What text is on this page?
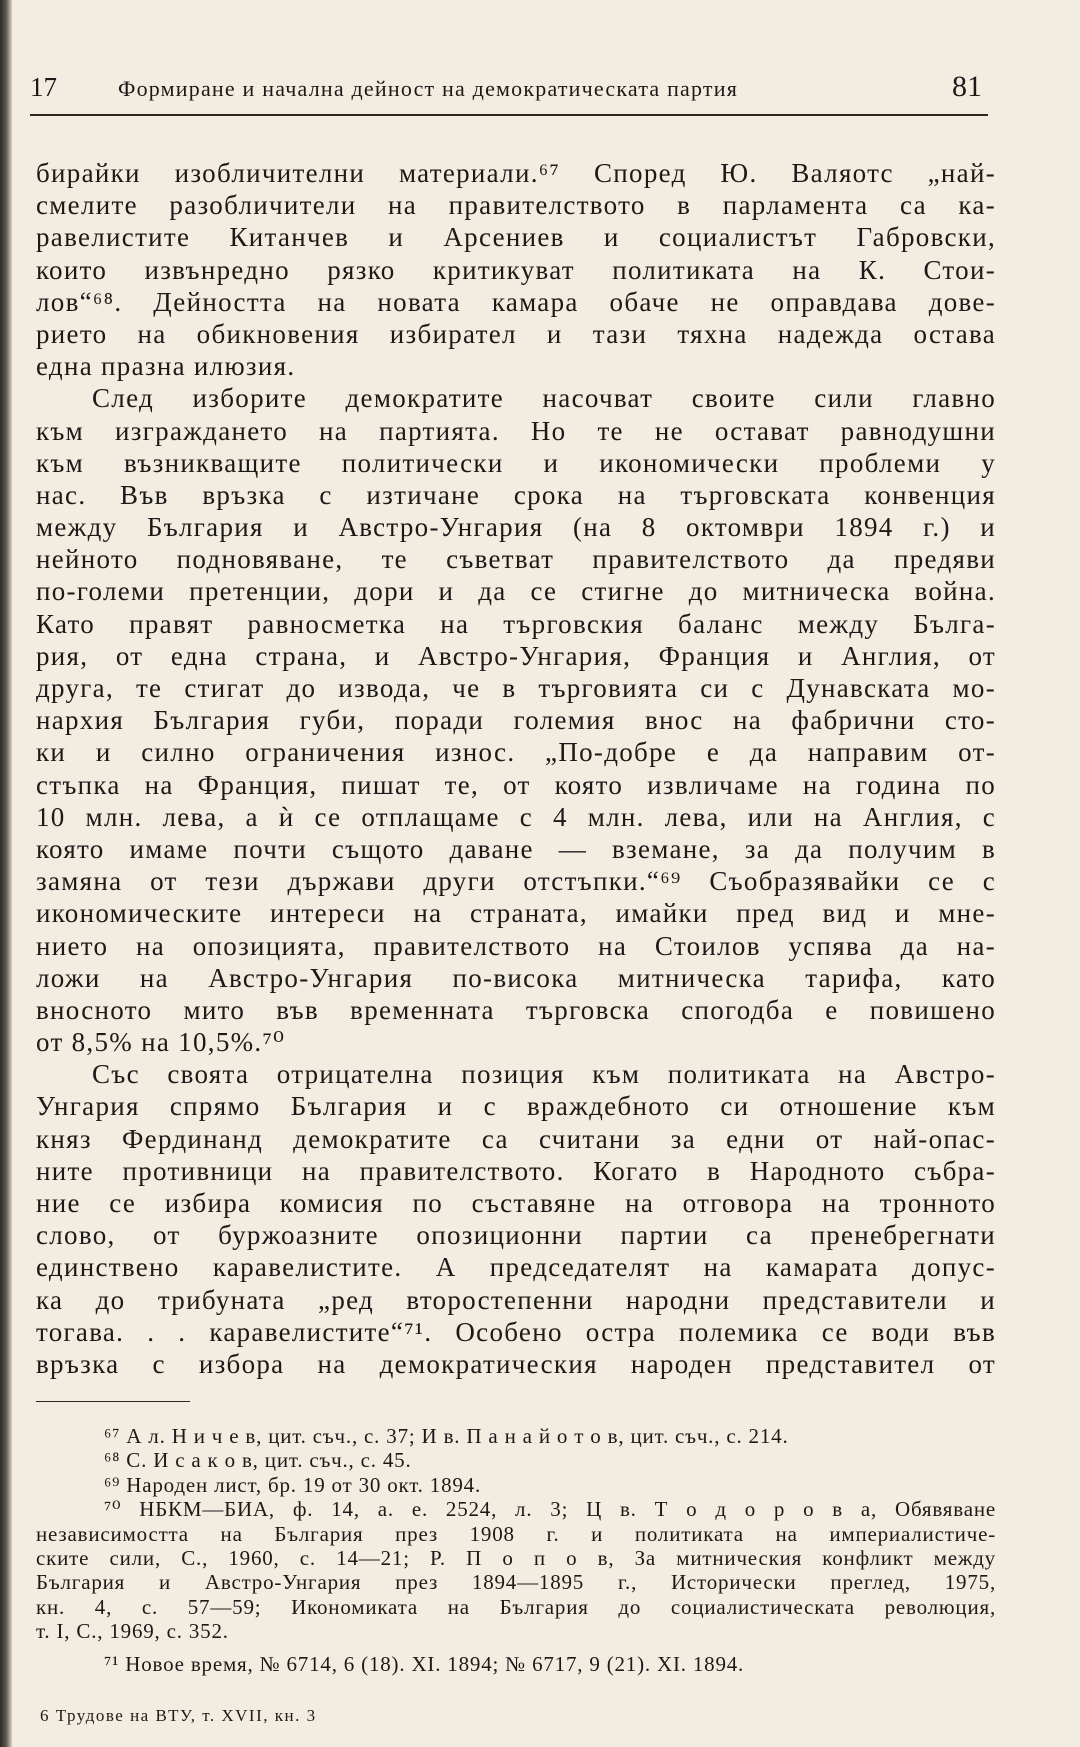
17	Формиране и начална дейност на демократическата партия	81
бирайки изобличителни материали.⁶⁷ Според Ю. Валяотс „най-
смелите разобличители на правителството в парламента са ка-
равелистите Китанчев и Арсениев и социалистът Габровски,
които извънредно рязко критикуват политиката на К. Стои-
лов“⁶⁸. Дейността на новата камара обаче не оправдава дове-
рието на обикновения избирател и тази тяхна надежда остава
една празна илюзия.
След изборите демократите насочват своите сили главно
към изграждането на партията. Но те не остават равнодушни
към възникващите политически и икономически проблеми у
нас. Във връзка с изтичане срока на търговската конвенция
между България и Австро-Унгария (на 8 октомври 1894 г.) и
нейното подновяване, те съветват правителството да предяви
по-големи претенции, дори и да се стигне до митническа война.
Като правят равносметка на търговския баланс между Бълга-
рия, от една страна, и Австро-Унгария, Франция и Англия, от
друга, те стигат до извода, че в търговията си с Дунавската мо-
нархия България губи, поради големия внос на фабрични сто-
ки и силно ограничения износ. „По-добре е да направим от-
стъпка на Франция, пишат те, от която извличаме на година по
10 млн. лева, а ѝ се отплащаме с 4 млн. лева, или на Англия, с
която имаме почти същото даване — вземане, за да получим в
замяна от тези държави други отстъпки.“⁶⁹ Съобразявайки се с
икономическите интереси на страната, имайки пред вид и мне-
нието на опозицията, правителството на Стоилов успява да на-
ложи на Австро-Унгария по-висока митническа тарифа, като
вносното мито във временната търговска спогодба е повишено
от 8,5% на 10,5%.⁷⁰
Със своята отрицателна позиция към политиката на Австро-
Унгария спрямо България и с враждебното си отношение към
княз Фердинанд демократите са считани за едни от най-опас-
ните противници на правителството. Когато в Народното събра-
ние се избира комисия по съставяне на отговора на тронното
слово, от буржоазните опозиционни партии са пренебрегнати
единствено каравелистите. А председателят на камарата допус-
ка до трибуната „ред второстепенни народни представители и
тогава. . . каравелистите“⁷¹. Особено остра полемика се води във
връзка с избора на демократическия народен представител от
⁶⁷ А л. Н и ч е в, цит. съч., с. 37; И в. П а н а й о т о в, цит. съч., с. 214.
⁶⁸ С. И с а к о в, цит. съч., с. 45.
⁶⁹ Народен лист, бр. 19 от 30 окт. 1894.
⁷⁰ НБКМ—БИА, ф. 14, а. е. 2524, л. 3; Ц в. Т о д о р о в а, Обявяване
независимостта на България през 1908 г. и политиката на империалистиче-
ските сили, С., 1960, с. 14—21; Р. П о п о в, За митническия конфликт между
България и Австро-Унгария през 1894—1895 г., Исторически преглед, 1975,
кн. 4, с. 57—59; Икономиката на България до социалистическата революция,
т. I, С., 1969, с. 352.
⁷¹ Новое время, № 6714, 6 (18). XI. 1894; № 6717, 9 (21). XI. 1894.
6 Трудове на ВТУ, т. XVII, кн. 3
